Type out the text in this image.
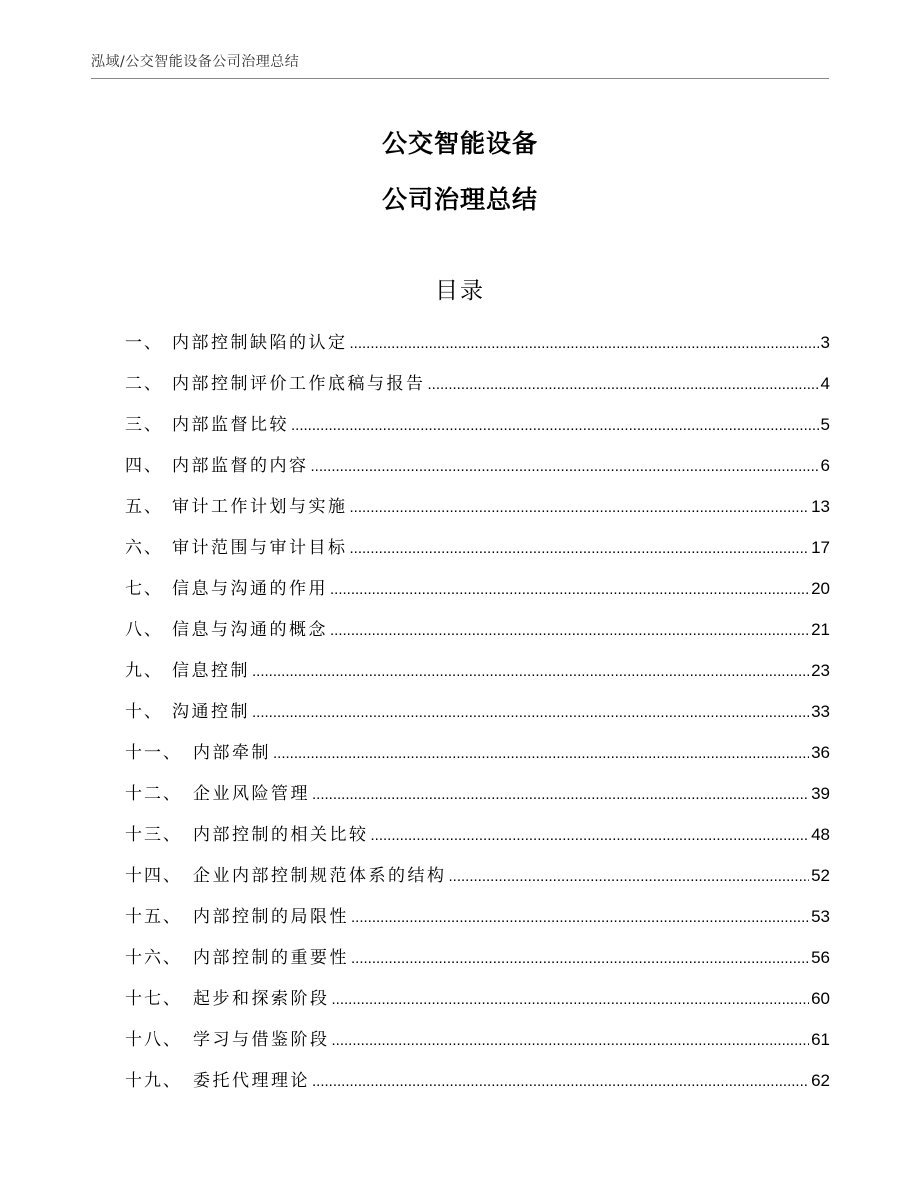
泓域/公交智能设备公司治理总结
公交智能设备
公司治理总结
目录
一、 内部控制缺陷的认定 .....	3
二、 内部控制评价工作底稿与报告 .....	4
三、 内部监督比较 .....	5
四、 内部监督的内容 .....	6
五、 审计工作计划与实施 .....	13
六、 审计范围与审计目标 .....	17
七、 信息与沟通的作用 .....	20
八、 信息与沟通的概念 .....	21
九、 信息控制 .....	23
十、 沟通控制 .....	33
十一、 内部牵制 .....	36
十二、 企业风险管理 .....	39
十三、 内部控制的相关比较 .....	48
十四、 企业内部控制规范体系的结构 .....	52
十五、 内部控制的局限性 .....	53
十六、 内部控制的重要性 .....	56
十七、 起步和探索阶段 .....	60
十八、 学习与借鉴阶段 .....	61
十九、 委托代理理论 .....	62
